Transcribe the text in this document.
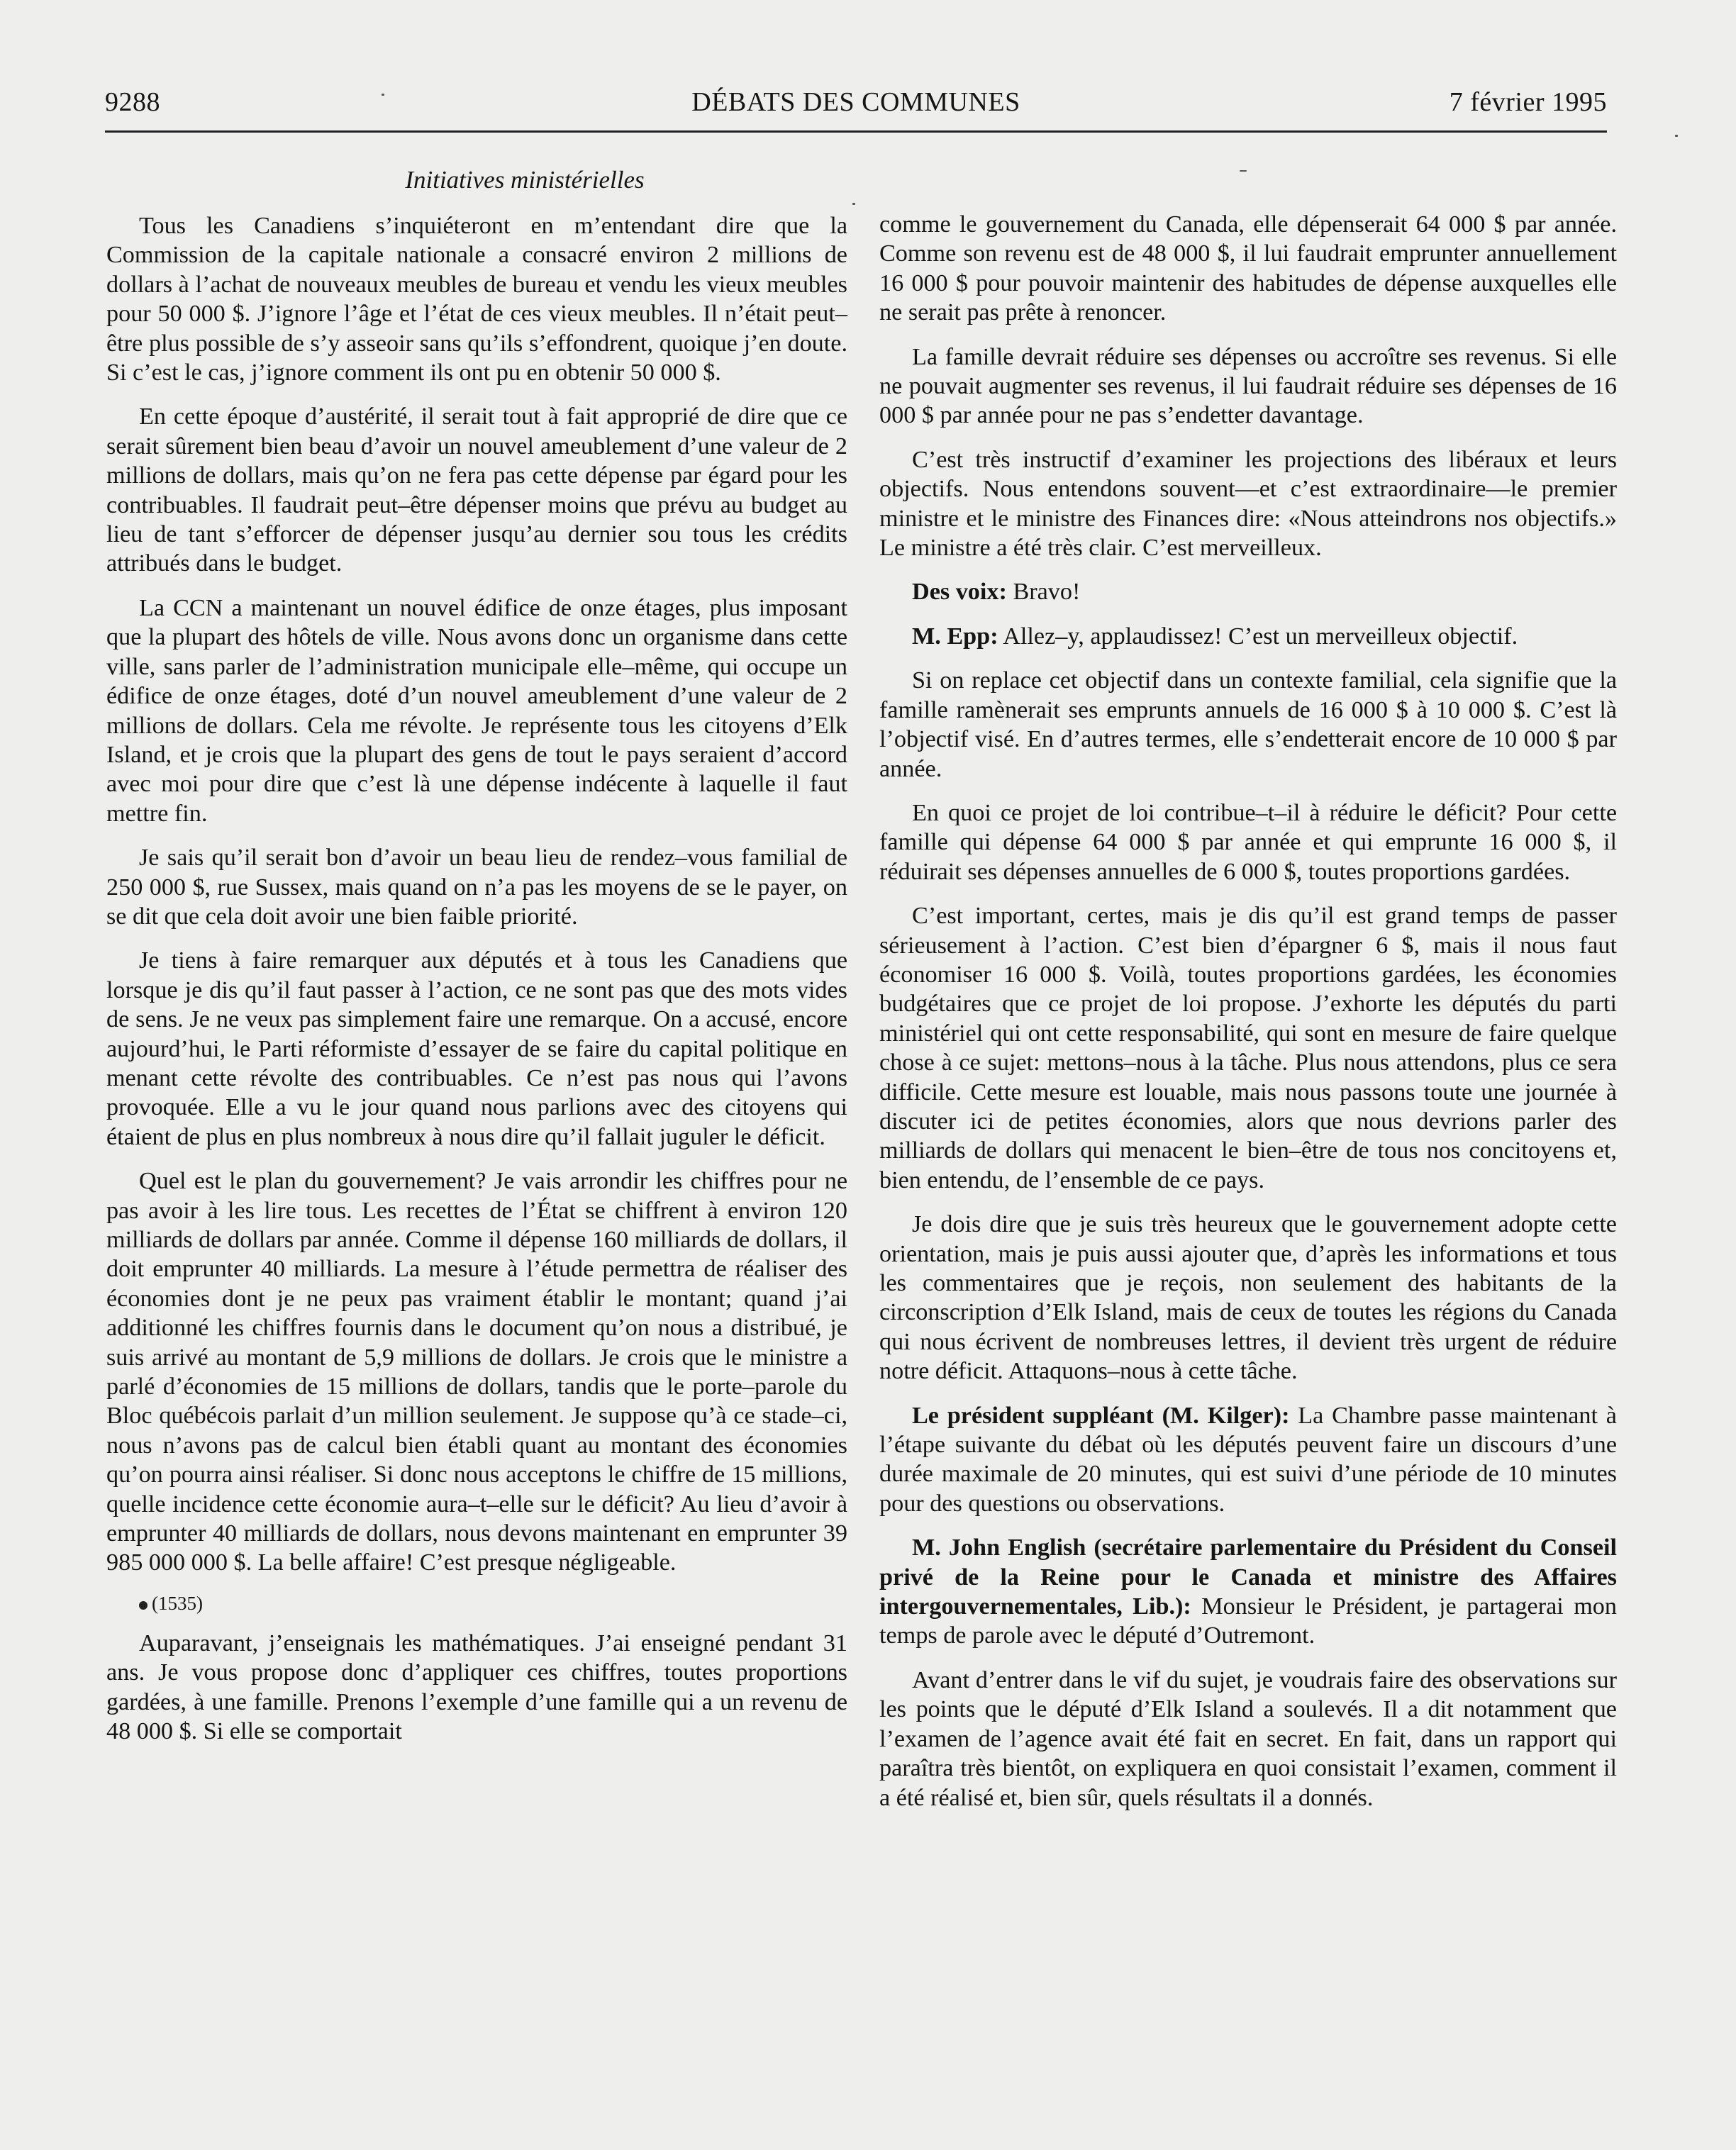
9288	DÉBATS DES COMMUNES	7 février 1995
Initiatives ministérielles

Tous les Canadiens s’inquiéteront en m’entendant dire que la Commission de la capitale nationale a consacré environ 2 millions de dollars à l’achat de nouveaux meubles de bureau et vendu les vieux meubles pour 50 000 $. J’ignore l’âge et l’état de ces vieux meubles. Il n’était peut–être plus possible de s’y asseoir sans qu’ils s’effondrent, quoique j’en doute. Si c’est le cas, j’ignore comment ils ont pu en obtenir 50 000 $.

En cette époque d’austérité, il serait tout à fait approprié de dire que ce serait sûrement bien beau d’avoir un nouvel ameublement d’une valeur de 2 millions de dollars, mais qu’on ne fera pas cette dépense par égard pour les contribuables. Il faudrait peut–être dépenser moins que prévu au budget au lieu de tant s’efforcer de dépenser jusqu’au dernier sou tous les crédits attribués dans le budget.

La CCN a maintenant un nouvel édifice de onze étages, plus imposant que la plupart des hôtels de ville. Nous avons donc un organisme dans cette ville, sans parler de l’administration municipale elle–même, qui occupe un édifice de onze étages, doté d’un nouvel ameublement d’une valeur de 2 millions de dollars. Cela me révolte. Je représente tous les citoyens d’Elk Island, et je crois que la plupart des gens de tout le pays seraient d’accord avec moi pour dire que c’est là une dépense indécente à laquelle il faut mettre fin.

Je sais qu’il serait bon d’avoir un beau lieu de rendez–vous familial de 250 000 $, rue Sussex, mais quand on n’a pas les moyens de se le payer, on se dit que cela doit avoir une bien faible priorité.

Je tiens à faire remarquer aux députés et à tous les Canadiens que lorsque je dis qu’il faut passer à l’action, ce ne sont pas que des mots vides de sens. Je ne veux pas simplement faire une remarque. On a accusé, encore aujourd’hui, le Parti réformiste d’essayer de se faire du capital politique en menant cette révolte des contribuables. Ce n’est pas nous qui l’avons provoquée. Elle a vu le jour quand nous parlions avec des citoyens qui étaient de plus en plus nombreux à nous dire qu’il fallait juguler le déficit.

Quel est le plan du gouvernement? Je vais arrondir les chiffres pour ne pas avoir à les lire tous. Les recettes de l’État se chiffrent à environ 120 milliards de dollars par année. Comme il dépense 160 milliards de dollars, il doit emprunter 40 milliards. La mesure à l’étude permettra de réaliser des économies dont je ne peux pas vraiment établir le montant; quand j’ai additionné les chiffres fournis dans le document qu’on nous a distribué, je suis arrivé au montant de 5,9 millions de dollars. Je crois que le ministre a parlé d’économies de 15 millions de dollars, tandis que le porte–parole du Bloc québécois parlait d’un million seulement. Je suppose qu’à ce stade–ci, nous n’avons pas de calcul bien établi quant au montant des économies qu’on pourra ainsi réaliser. Si donc nous acceptons le chiffre de 15 millions, quelle incidence cette économie aura–t–elle sur le déficit? Au lieu d’avoir à emprunter 40 milliards de dollars, nous devons maintenant en emprunter 39 985 000 000 $. La belle affaire! C’est presque négligeable.

(1535)

Auparavant, j’enseignais les mathématiques. J’ai enseigné pendant 31 ans. Je vous propose donc d’appliquer ces chiffres, toutes proportions gardées, à une famille. Prenons l’exemple d’une famille qui a un revenu de 48 000 $. Si elle se comportait

comme le gouvernement du Canada, elle dépenserait 64 000 $ par année. Comme son revenu est de 48 000 $, il lui faudrait emprunter annuellement 16 000 $ pour pouvoir maintenir des habitudes de dépense auxquelles elle ne serait pas prête à renoncer.

La famille devrait réduire ses dépenses ou accroître ses revenus. Si elle ne pouvait augmenter ses revenus, il lui faudrait réduire ses dépenses de 16 000 $ par année pour ne pas s’endetter davantage.

C’est très instructif d’examiner les projections des libéraux et leurs objectifs. Nous entendons souvent—et c’est extraordinaire—le premier ministre et le ministre des Finances dire: «Nous atteindrons nos objectifs.» Le ministre a été très clair. C’est merveilleux.

Des voix: Bravo!

M. Epp: Allez–y, applaudissez! C’est un merveilleux objectif.

Si on replace cet objectif dans un contexte familial, cela signifie que la famille ramènerait ses emprunts annuels de 16 000 $ à 10 000 $. C’est là l’objectif visé. En d’autres termes, elle s’endetterait encore de 10 000 $ par année.

En quoi ce projet de loi contribue–t–il à réduire le déficit? Pour cette famille qui dépense 64 000 $ par année et qui emprunte 16 000 $, il réduirait ses dépenses annuelles de 6 000 $, toutes proportions gardées.

C’est important, certes, mais je dis qu’il est grand temps de passer sérieusement à l’action. C’est bien d’épargner 6 $, mais il nous faut économiser 16 000 $. Voilà, toutes proportions gardées, les économies budgétaires que ce projet de loi propose. J’exhorte les députés du parti ministériel qui ont cette responsabilité, qui sont en mesure de faire quelque chose à ce sujet: mettons–nous à la tâche. Plus nous attendons, plus ce sera difficile. Cette mesure est louable, mais nous passons toute une journée à discuter ici de petites économies, alors que nous devrions parler des milliards de dollars qui menacent le bien–être de tous nos concitoyens et, bien entendu, de l’ensemble de ce pays.

Je dois dire que je suis très heureux que le gouvernement adopte cette orientation, mais je puis aussi ajouter que, d’après les informations et tous les commentaires que je reçois, non seulement des habitants de la circonscription d’Elk Island, mais de ceux de toutes les régions du Canada qui nous écrivent de nombreuses lettres, il devient très urgent de réduire notre déficit. Attaquons–nous à cette tâche.

Le président suppléant (M. Kilger): La Chambre passe maintenant à l’étape suivante du débat où les députés peuvent faire un discours d’une durée maximale de 20 minutes, qui est suivi d’une période de 10 minutes pour des questions ou observations.

M. John English (secrétaire parlementaire du Président du Conseil privé de la Reine pour le Canada et ministre des Affaires intergouvernementales, Lib.): Monsieur le Président, je partagerai mon temps de parole avec le député d’Outremont.

Avant d’entrer dans le vif du sujet, je voudrais faire des observations sur les points que le député d’Elk Island a soulevés. Il a dit notamment que l’examen de l’agence avait été fait en secret. En fait, dans un rapport qui paraîtra très bientôt, on expliquera en quoi consistait l’examen, comment il a été réalisé et, bien sûr, quels résultats il a donnés.
